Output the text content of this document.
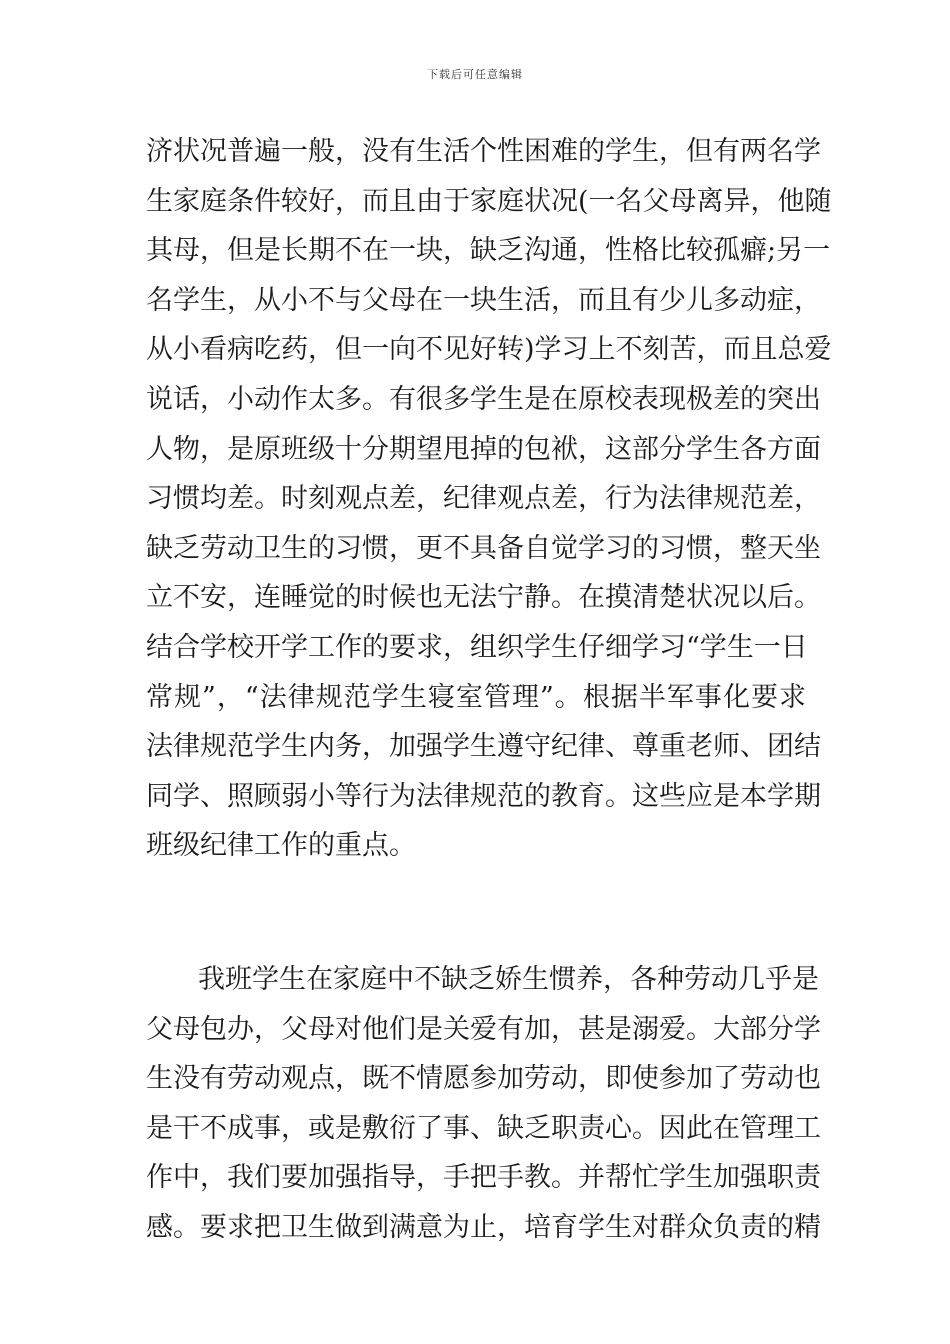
下载后可任意编辑
济状况普遍一般，没有生活个性困难的学生，但有两名学
生家庭条件较好，而且由于家庭状况(一名父母离异，他随
其母，但是长期不在一块，缺乏沟通，性格比较孤癖;另一
名学生，从小不与父母在一块生活，而且有少儿多动症，
从小看病吃药，但一向不见好转)学习上不刻苦，而且总爱
说话，小动作太多。有很多学生是在原校表现极差的突出
人物，是原班级十分期望甩掉的包袱，这部分学生各方面
习惯均差。时刻观点差，纪律观点差，行为法律规范差，
缺乏劳动卫生的习惯，更不具备自觉学习的习惯，整天坐
立不安，连睡觉的时候也无法宁静。在摸清楚状况以后。
结合学校开学工作的要求，组织学生仔细学习“学生一日
常规”，“法律规范学生寝室管理”。根据半军事化要求
法律规范学生内务，加强学生遵守纪律、尊重老师、团结
同学、照顾弱小等行为法律规范的教育。这些应是本学期
班级纪律工作的重点。
我班学生在家庭中不缺乏娇生惯养，各种劳动几乎是
父母包办，父母对他们是关爱有加，甚是溺爱。大部分学
生没有劳动观点，既不情愿参加劳动，即使参加了劳动也
是干不成事，或是敷衍了事、缺乏职责心。因此在管理工
作中，我们要加强指导，手把手教。并帮忙学生加强职责
感。要求把卫生做到满意为止，培育学生对群众负责的精
